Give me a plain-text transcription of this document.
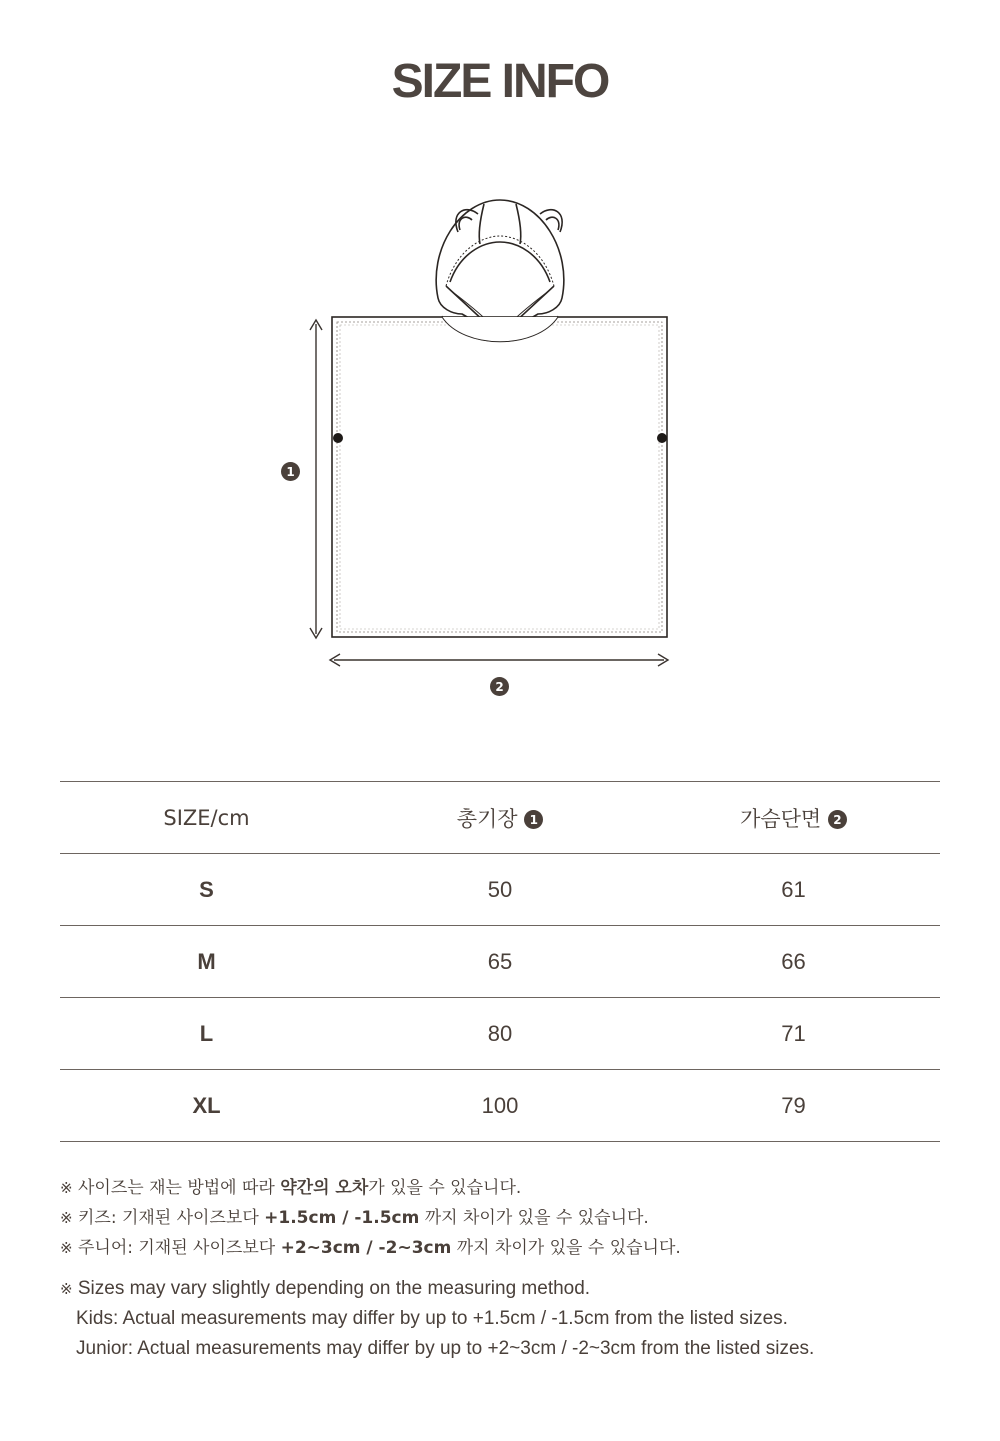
SIZE INFO
1
2
SIZE/cm	총기장 1	가슴단면 2
S	50	61
M	65	66
L	80	71
XL	100	79
※ 사이즈는 재는 방법에 따라 약간의 오차가 있을 수 있습니다.
※ 키즈: 기재된 사이즈보다 +1.5cm / -1.5cm 까지 차이가 있을 수 있습니다.
※ 주니어: 기재된 사이즈보다 +2~3cm / -2~3cm 까지 차이가 있을 수 있습니다.
※ Sizes may vary slightly depending on the measuring method.
Kids: Actual measurements may differ by up to +1.5cm / -1.5cm from the listed sizes.
Junior: Actual measurements may differ by up to +2~3cm / -2~3cm from the listed sizes.
